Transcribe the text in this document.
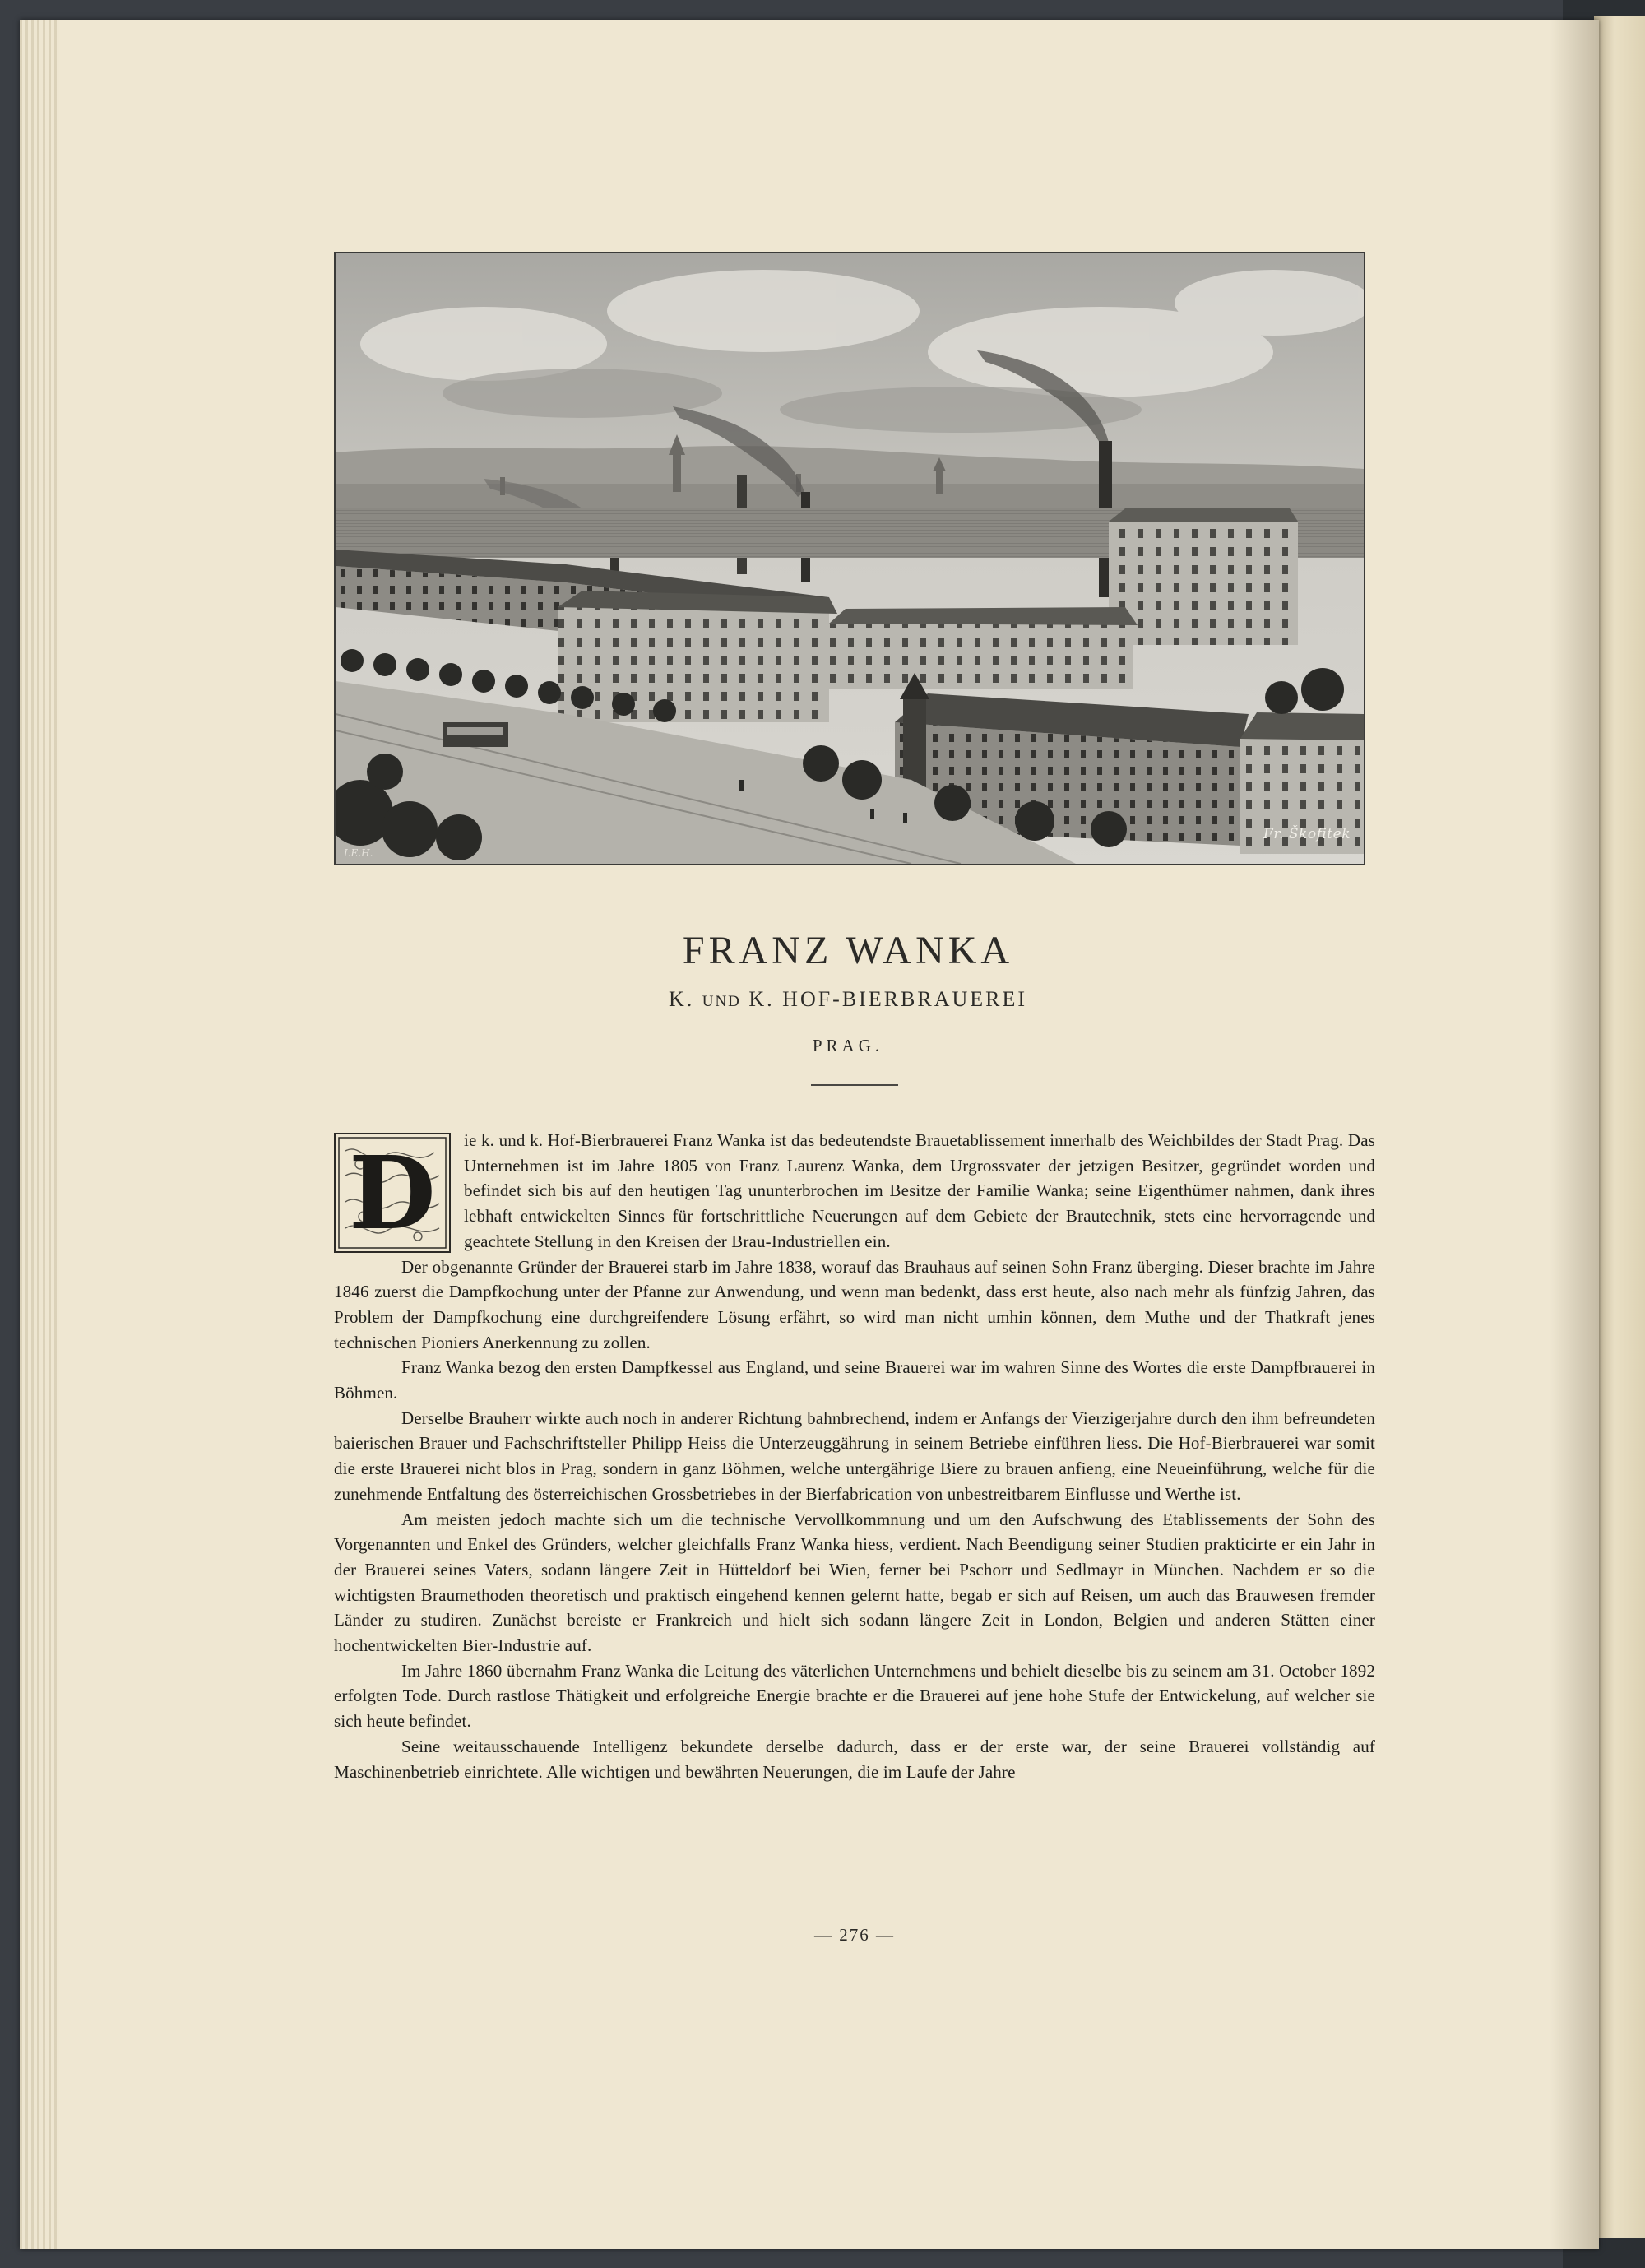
Fr. Škofitek
I.E.H.
FRANZ WANKA
K. UND K. HOF-BIERBRAUEREI
PRAG.

D	ie k. und k. Hof-Bierbrauerei Franz Wanka ist das bedeutendste Brauetablissement innerhalb des Weichbildes der Stadt Prag. Das Unternehmen ist im Jahre 1805 von Franz Laurenz Wanka, dem Urgrossvater der jetzigen Besitzer, gegründet worden und befindet sich bis auf den heutigen Tag ununterbrochen im Besitze der Familie Wanka; seine Eigenthümer nahmen, dank ihres lebhaft entwickelten Sinnes für fortschrittliche Neuerungen auf dem Gebiete der Brautechnik, stets eine hervorragende und geachtete Stellung in den Kreisen der Brau-Industriellen ein.

Der obgenannte Gründer der Brauerei starb im Jahre 1838, worauf das Brauhaus auf seinen Sohn Franz überging. Dieser brachte im Jahre 1846 zuerst die Dampfkochung unter der Pfanne zur Anwendung, und wenn man bedenkt, dass erst heute, also nach mehr als fünfzig Jahren, das Problem der Dampfkochung eine durchgreifendere Lösung erfährt, so wird man nicht umhin können, dem Muthe und der Thatkraft jenes technischen Pioniers Anerkennung zu zollen.

Franz Wanka bezog den ersten Dampfkessel aus England, und seine Brauerei war im wahren Sinne des Wortes die erste Dampfbrauerei in Böhmen.

Derselbe Brauherr wirkte auch noch in anderer Richtung bahnbrechend, indem er Anfangs der Vierzigerjahre durch den ihm befreundeten baierischen Brauer und Fachschriftsteller Philipp Heiss die Unterzeuggährung in seinem Betriebe einführen liess. Die Hof-Bierbrauerei war somit die erste Brauerei nicht blos in Prag, sondern in ganz Böhmen, welche untergährige Biere zu brauen anfieng, eine Neueinführung, welche für die zunehmende Entfaltung des österreichischen Grossbetriebes in der Bierfabrication von unbestreitbarem Einflusse und Werthe ist.

Am meisten jedoch machte sich um die technische Vervollkommnung und um den Aufschwung des Etablissements der Sohn des Vorgenannten und Enkel des Gründers, welcher gleichfalls Franz Wanka hiess, verdient. Nach Beendigung seiner Studien prakticirte er ein Jahr in der Brauerei seines Vaters, sodann längere Zeit in Hütteldorf bei Wien, ferner bei Pschorr und Sedlmayr in München. Nachdem er so die wichtigsten Braumethoden theoretisch und praktisch eingehend kennen gelernt hatte, begab er sich auf Reisen, um auch das Brauwesen fremder Länder zu studiren. Zunächst bereiste er Frankreich und hielt sich sodann längere Zeit in London, Belgien und anderen Stätten einer hochentwickelten Bier-Industrie auf.

Im Jahre 1860 übernahm Franz Wanka die Leitung des väterlichen Unternehmens und behielt dieselbe bis zu seinem am 31. October 1892 erfolgten Tode. Durch rastlose Thätigkeit und erfolgreiche Energie brachte er die Brauerei auf jene hohe Stufe der Entwickelung, auf welcher sie sich heute befindet.

Seine weitausschauende Intelligenz bekundete derselbe dadurch, dass er der erste war, der seine Brauerei vollständig auf Maschinenbetrieb einrichtete. Alle wichtigen und bewährten Neuerungen, die im Laufe der Jahre

— 276 —
